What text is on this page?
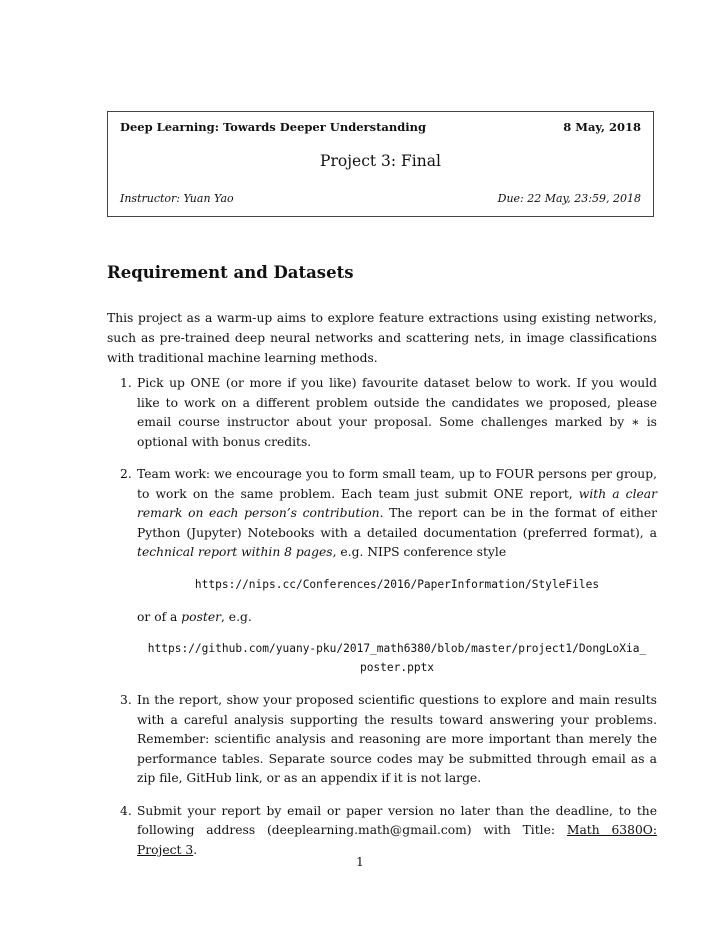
Deep Learning: Towards Deeper Understanding	8 May, 2018
Project 3: Final
Instructor: Yuan Yao	Due: 22 May, 23:59, 2018
Requirement and Datasets
This project as a warm-up aims to explore feature extractions using existing networks, such as pre-trained deep neural networks and scattering nets, in image classifications with traditional machine learning methods.
1. Pick up ONE (or more if you like) favourite dataset below to work. If you would like to work on a different problem outside the candidates we proposed, please email course instructor about your proposal. Some challenges marked by ∗ is optional with bonus credits.
2. Team work: we encourage you to form small team, up to FOUR persons per group, to work on the same problem. Each team just submit ONE report, with a clear remark on each person’s contribution. The report can be in the format of either Python (Jupyter) Notebooks with a detailed documentation (preferred format), a technical report within 8 pages, e.g. NIPS conference style
https://nips.cc/Conferences/2016/PaperInformation/StyleFiles
or of a poster, e.g.
https://github.com/yuany-pku/2017_math6380/blob/master/project1/DongLoXia_
poster.pptx
3. In the report, show your proposed scientific questions to explore and main results with a careful analysis supporting the results toward answering your problems. Remember: scientific analysis and reasoning are more important than merely the performance tables. Separate source codes may be submitted through email as a zip file, GitHub link, or as an appendix if it is not large.
4. Submit your report by email or paper version no later than the deadline, to the following address (deeplearning.math@gmail.com) with Title: Math 6380O: Project 3.
1
